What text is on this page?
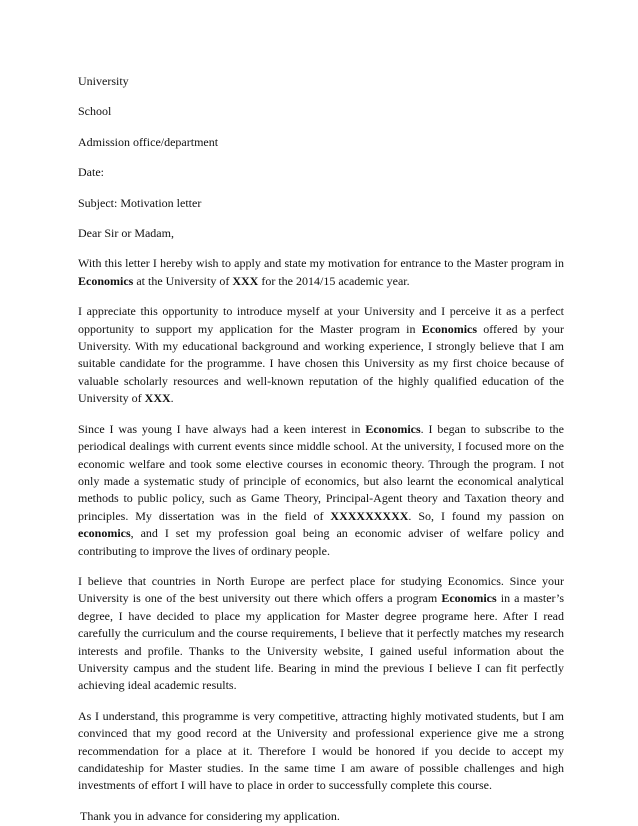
University

School

Admission office/department

Date:

Subject: Motivation letter

Dear Sir or Madam,

With this letter I hereby wish to apply and state my motivation for entrance to the Master program in Economics at the University of XXX for the 2014/15 academic year.

I appreciate this opportunity to introduce myself at your University and I perceive it as a perfect opportunity to support my application for the Master program in Economics offered by your University. With my educational background and working experience, I strongly believe that I am suitable candidate for the programme. I have chosen this University as my first choice because of valuable scholarly resources and well-known reputation of the highly qualified education of the University of XXX.

Since I was young I have always had a keen interest in Economics. I began to subscribe to the periodical dealings with current events since middle school. At the university, I focused more on the economic welfare and took some elective courses in economic theory. Through the program. I not only made a systematic study of principle of economics, but also learnt the economical analytical methods to public policy, such as Game Theory, Principal-Agent theory and Taxation theory and principles. My dissertation was in the field of XXXXXXXXX. So, I found my passion on economics, and I set my profession goal being an economic adviser of welfare policy and contributing to improve the lives of ordinary people.

I believe that countries in North Europe are perfect place for studying Economics. Since your University is one of the best university out there which offers a program Economics in a master’s degree, I have decided to place my application for Master degree programe here. After I read carefully the curriculum and the course requirements, I believe that it perfectly matches my research interests and profile. Thanks to the University website, I gained useful information about the University campus and the student life. Bearing in mind the previous I believe I can fit perfectly achieving ideal academic results.

As I understand, this programme is very competitive, attracting highly motivated students, but I am convinced that my good record at the University and professional experience give me a strong recommendation for a place at it. Therefore I would be honored if you decide to accept my candidateship for Master studies. In the same time I am aware of possible challenges and high investments of effort I will have to place in order to successfully complete this course.

Thank you in advance for considering my application.
